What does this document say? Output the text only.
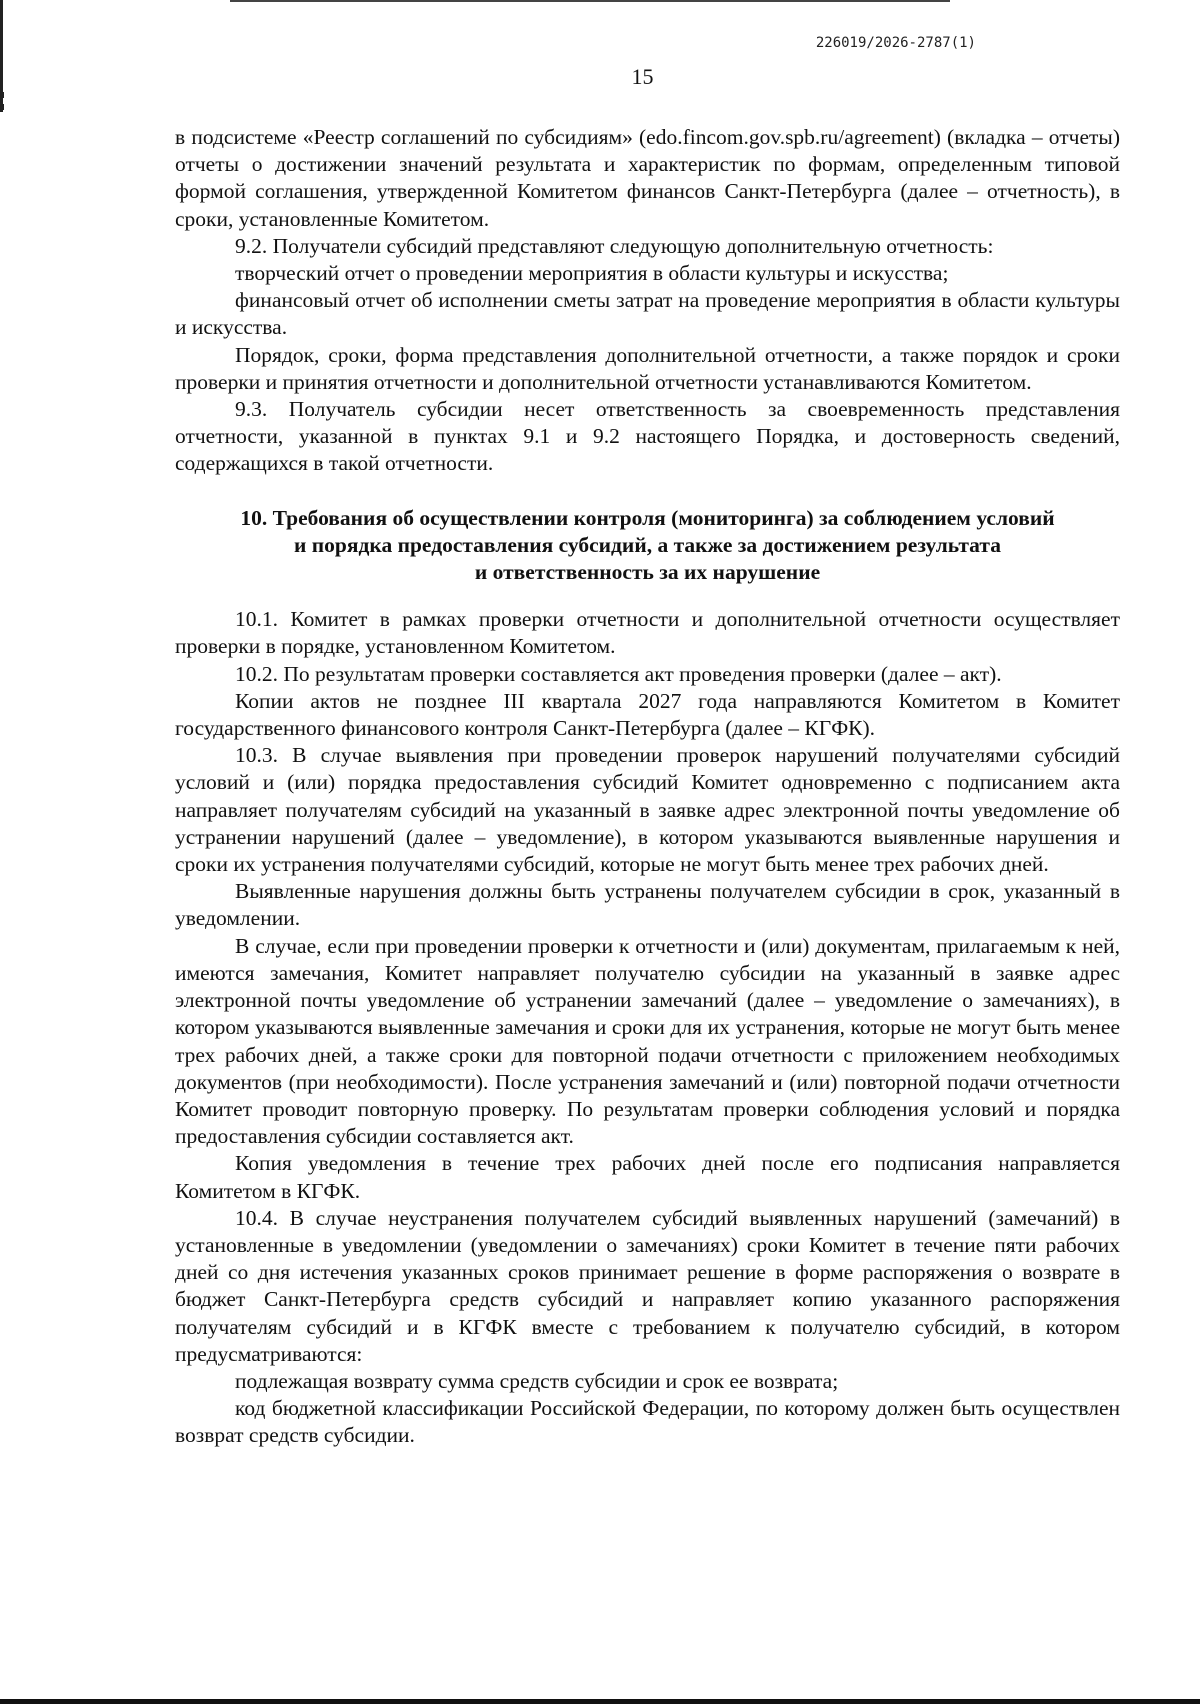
226019/2026-2787(1)
15

в подсистеме «Реестр соглашений по субсидиям» (edo.fincom.gov.spb.ru/agreement) (вкладка – отчеты) отчеты о достижении значений результата и характеристик по формам, определенным типовой формой соглашения, утвержденной Комитетом финансов Санкт-Петербурга (далее – отчетность), в сроки, установленные Комитетом.

9.2. Получатели субсидий представляют следующую дополнительную отчетность:

творческий отчет о проведении мероприятия в области культуры и искусства;

финансовый отчет об исполнении сметы затрат на проведение мероприятия в области культуры и искусства.

Порядок, сроки, форма представления дополнительной отчетности, а также порядок и сроки проверки и принятия отчетности и дополнительной отчетности устанавливаются Комитетом.

9.3. Получатель субсидии несет ответственность за своевременность представления отчетности, указанной в пунктах 9.1 и 9.2 настоящего Порядка, и достоверность сведений, содержащихся в такой отчетности.

10. Требования об осуществлении контроля (мониторинга) за соблюдением условий
и порядка предоставления субсидий, а также за достижением результата
и ответственность за их нарушение

10.1. Комитет в рамках проверки отчетности и дополнительной отчетности осуществляет проверки в порядке, установленном Комитетом.

10.2. По результатам проверки составляется акт проведения проверки (далее – акт).

Копии актов не позднее III квартала 2027 года направляются Комитетом в Комитет государственного финансового контроля Санкт-Петербурга (далее – КГФК).

10.3. В случае выявления при проведении проверок нарушений получателями субсидий условий и (или) порядка предоставления субсидий Комитет одновременно с подписанием акта направляет получателям субсидий на указанный в заявке адрес электронной почты уведомление об устранении нарушений (далее – уведомление), в котором указываются выявленные нарушения и сроки их устранения получателями субсидий, которые не могут быть менее трех рабочих дней.

Выявленные нарушения должны быть устранены получателем субсидии в срок, указанный в уведомлении.

В случае, если при проведении проверки к отчетности и (или) документам, прилагаемым к ней, имеются замечания, Комитет направляет получателю субсидии на указанный в заявке адрес электронной почты уведомление об устранении замечаний (далее – уведомление о замечаниях), в котором указываются выявленные замечания и сроки для их устранения, которые не могут быть менее трех рабочих дней, а также сроки для повторной подачи отчетности с приложением необходимых документов (при необходимости). После устранения замечаний и (или) повторной подачи отчетности Комитет проводит повторную проверку. По результатам проверки соблюдения условий и порядка предоставления субсидии составляется акт.

Копия уведомления в течение трех рабочих дней после его подписания направляется Комитетом в КГФК.

10.4. В случае неустранения получателем субсидий выявленных нарушений (замечаний) в установленные в уведомлении (уведомлении о замечаниях) сроки Комитет в течение пяти рабочих дней со дня истечения указанных сроков принимает решение в форме распоряжения о возврате в бюджет Санкт-Петербурга средств субсидий и направляет копию указанного распоряжения получателям субсидий и в КГФК вместе с требованием к получателю субсидий, в котором предусматриваются:

подлежащая возврату сумма средств субсидии и срок ее возврата;

код бюджетной классификации Российской Федерации, по которому должен быть осуществлен возврат средств субсидии.
